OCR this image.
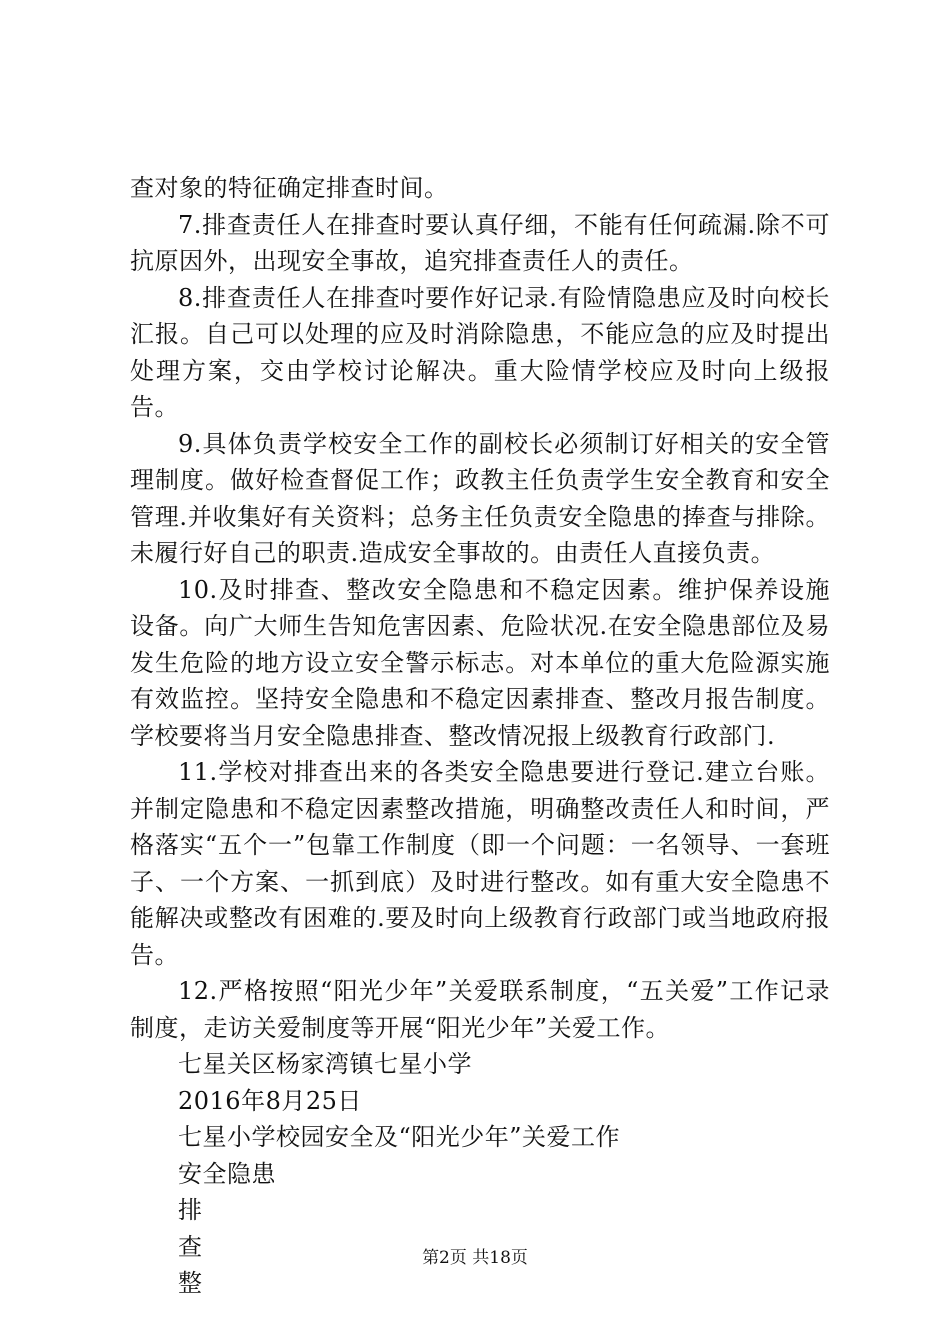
查对象的特征确定排查时间。

7.排查责任人在排查时要认真仔细，不能有任何疏漏.除不可抗原因外，出现安全事故，追究排查责任人的责任。

8.排查责任人在排查吋要作好记录.有险情隐患应及时向校长汇报。自己可以处理的应及时消除隐患，不能应急的应及时提出处理方案，交由学校讨论解决。重大险情学校应及时向上级报告。

9.具体负责学校安全工作的副校长必须制订好相关的安全管理制度。做好检查督促工作；政教主任负责学生安全教育和安全管理.并收集好有关资料；总务主任负责安全隐患的捧查与排除。未履行好自己的职责.造成安全事故的。由责任人直接负责。

10.及时排查、整改安全隐患和不稳定因素。维护保养设施设备。向广大师生告知危害因素、危险状况.在安全隐患部位及易发生危险的地方设立安全警示标志。对本单位的重大危险源实施有效监控。坚持安全隐患和不稳定因素排查、整改月报告制度。学校要将当月安全隐患排查、整改情况报上级教育行政部门.

11.学校对排查出来的各类安全隐患要进行登记.建立台账。并制定隐患和不稳定因素整改措施，明确整改责任人和时间，严格落实“五个一”包靠工作制度（即一个问题：一名领导、一套班子、一个方案、一抓到底）及时进行整改。如有重大安全隐患不能解决或整改有困难的.要及时向上级教育行政部门或当地政府报告。

12.严格按照“阳光少年”关爱联系制度，“五关爱”工作记录制度，走访关爱制度等开展“阳光少年”关爱工作。

七星关区杨家湾镇七星小学

2016年8月25日

七星小学校园安全及“阳光少年”关爱工作

安全隐患

排

查

整

第2页 共18页
